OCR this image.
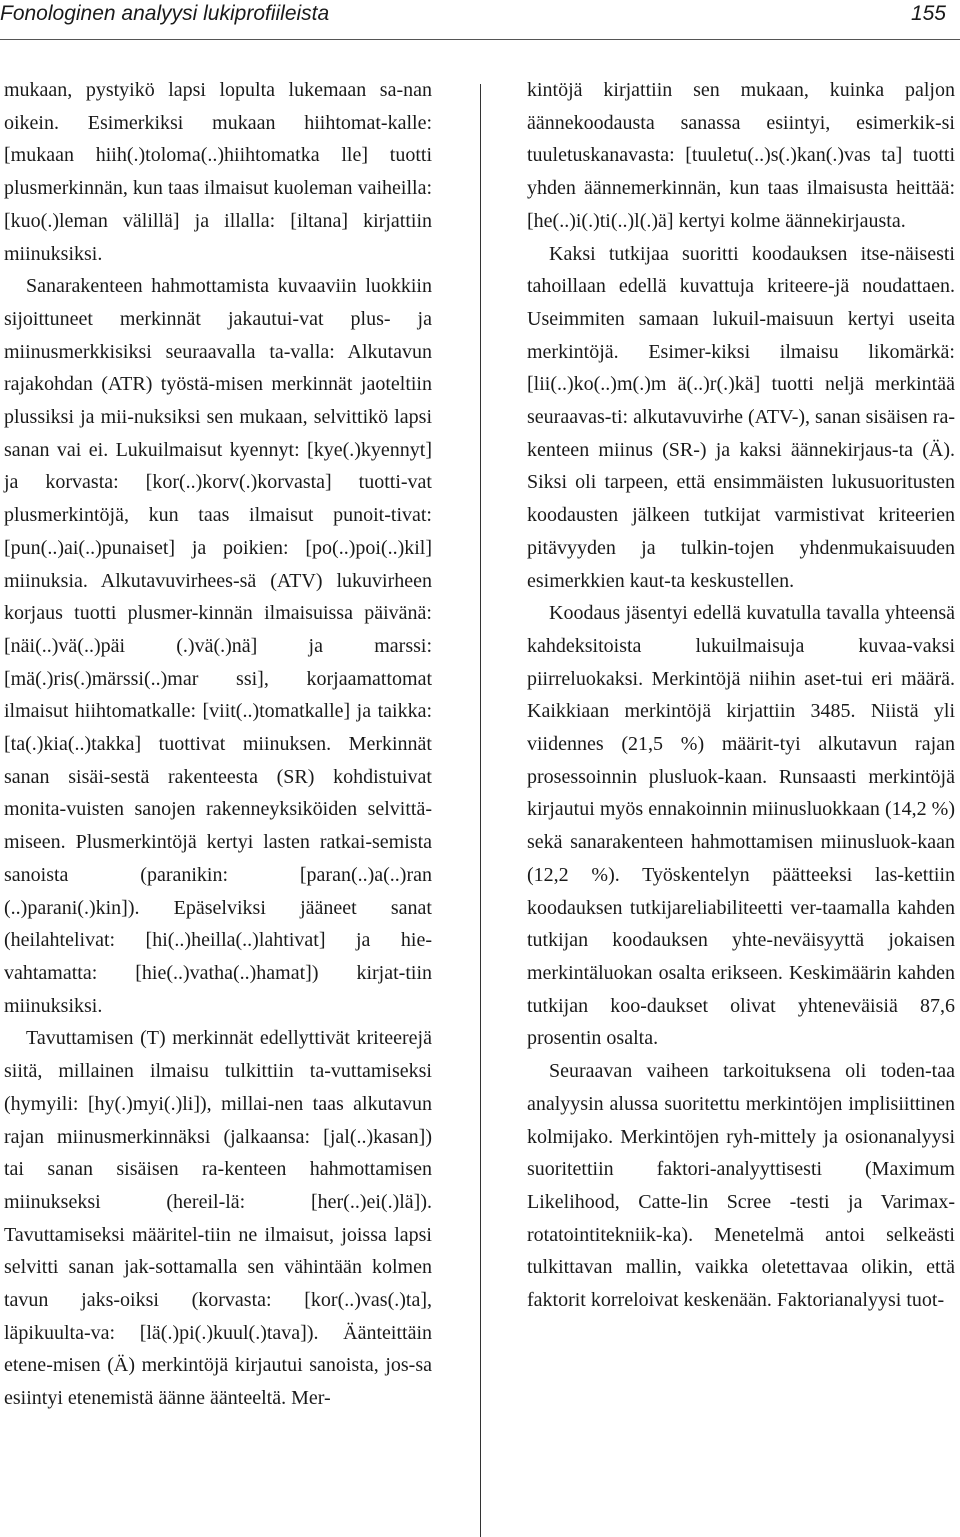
Fonologinen analyysi lukiprofiileista	155

mukaan, pystyikö lapsi lopulta lukemaan sa-nan oikein. Esimerkiksi mukaan hiihtomat-kalle: [mukaan hiih(.)toloma(..)hiihtomatka lle] tuotti plusmerkinnän, kun taas ilmaisut kuoleman vaiheilla: [kuo(.)leman välillä] ja illalla: [iltana] kirjattiin miinuksiksi.

Sanarakenteen hahmottamista kuvaaviin luokkiin sijoittuneet merkinnät jakautui-vat plus- ja miinusmerkkisiksi seuraavalla ta-valla: Alkutavun rajakohdan (ATR) työstä-misen merkinnät jaoteltiin plussiksi ja mii-nuksiksi sen mukaan, selvittikö lapsi sanan vai ei. Lukuilmaisut kyennyt: [kye(.)kyennyt] ja korvasta: [kor(..)korv(.)korvasta] tuotti-vat plusmerkintöjä, kun taas ilmaisut punoit-tivat: [pun(..)ai(..)punaiset] ja poikien: [po(..)poi(..)kil] miinuksia. Alkutavuvirhees-sä (ATV) lukuvirheen korjaus tuotti plusmer-kinnän ilmaisuissa päivänä: [näi(..)vä(..)päi (.)vä(.)nä] ja marssi: [mä(.)ris(.)märssi(..)mar ssi], korjaamattomat ilmaisut hiihtomatkalle: [viit(..)tomatkalle] ja taikka: [ta(.)kia(..)takka] tuottivat miinuksen. Merkinnät sanan sisäi-sestä rakenteesta (SR) kohdistuivat monita-vuisten sanojen rakenneyksiköiden selvittä-miseen. Plusmerkintöjä kertyi lasten ratkai-semista sanoista (paranikin: [paran(..)a(..)ran (..)parani(.)kin]). Epäselviksi jääneet sanat (heilahtelivat: [hi(..)heilla(..)lahtivat] ja hie-vahtamatta: [hie(..)vatha(..)hamat]) kirjat-tiin miinuksiksi.

Tavuttamisen (T) merkinnät edellyttivät kriteerejä siitä, millainen ilmaisu tulkittiin ta-vuttamiseksi (hymyili: [hy(.)myi(.)li]), millai-nen taas alkutavun rajan miinusmerkinnäksi (jalkaansa: [jal(..)kasan]) tai sanan sisäisen ra-kenteen hahmottamisen miinukseksi (hereil-lä: [her(..)ei(.)lä]). Tavuttamiseksi määritel-tiin ne ilmaisut, joissa lapsi selvitti sanan jak-sottamalla sen vähintään kolmen tavun jaks-oiksi (korvasta: [kor(..)vas(.)ta], läpikuulta-va: [lä(.)pi(.)kuul(.)tava]). Äänteittäin etene-misen (Ä) merkintöjä kirjautui sanoista, jos-sa esiintyi etenemistä äänne äänteeltä. Mer-

kintöjä kirjattiin sen mukaan, kuinka paljon äännekoodausta sanassa esiintyi, esimerkik-si tuuletuskanavasta: [tuuletu(..)s(.)kan(.)vas ta] tuotti yhden äännemerkinnän, kun taas ilmaisusta heittää: [he(..)i(.)ti(..)l(.)ä] kertyi kolme äännekirjausta.

Kaksi tutkijaa suoritti koodauksen itse-näisesti tahoillaan edellä kuvattuja kriteere-jä noudattaen. Useimmiten samaan lukuil-maisuun kertyi useita merkintöjä. Esimer-kiksi ilmaisu likomärkä: [lii(..)ko(..)m(.)m ä(..)r(.)kä] tuotti neljä merkintää seuraavas-ti: alkutavuvirhe (ATV-), sanan sisäisen ra-kenteen miinus (SR-) ja kaksi äännekirjaus-ta (Ä). Siksi oli tarpeen, että ensimmäisten lukusuoritusten koodausten jälkeen tutkijat varmistivat kriteerien pitävyyden ja tulkin-tojen yhdenmukaisuuden esimerkkien kaut-ta keskustellen.

Koodaus jäsentyi edellä kuvatulla tavalla yhteensä kahdeksitoista lukuilmaisuja kuvaa-vaksi piirreluokaksi. Merkintöjä niihin aset-tui eri määrä. Kaikkiaan merkintöjä kirjattiin 3485. Niistä yli viidennes (21,5 %) määrit-tyi alkutavun rajan prosessoinnin plusluok-kaan. Runsaasti merkintöjä kirjautui myös ennakoinnin miinusluokkaan (14,2 %) sekä sanarakenteen hahmottamisen miinusluok-kaan (12,2 %). Työskentelyn päätteeksi las-kettiin koodauksen tutkijareliabiliteetti ver-taamalla kahden tutkijan koodauksen yhte-neväisyyttä jokaisen merkintäluokan osalta erikseen. Keskimäärin kahden tutkijan koo-daukset olivat yhteneväisiä 87,6 prosentin osalta.

Seuraavan vaiheen tarkoituksena oli toden-taa analyysin alussa suoritettu merkintöjen implisiittinen kolmijako. Merkintöjen ryh-mittely ja osionanalyysi suoritettiin faktori-analyyttisesti (Maximum Likelihood, Catte-lin Scree -testi ja Varimax-rotatointitekniik-ka). Menetelmä antoi selkeästi tulkittavan mallin, vaikka oletettavaa olikin, että faktorit korreloivat keskenään. Faktorianalyysi tuot-
